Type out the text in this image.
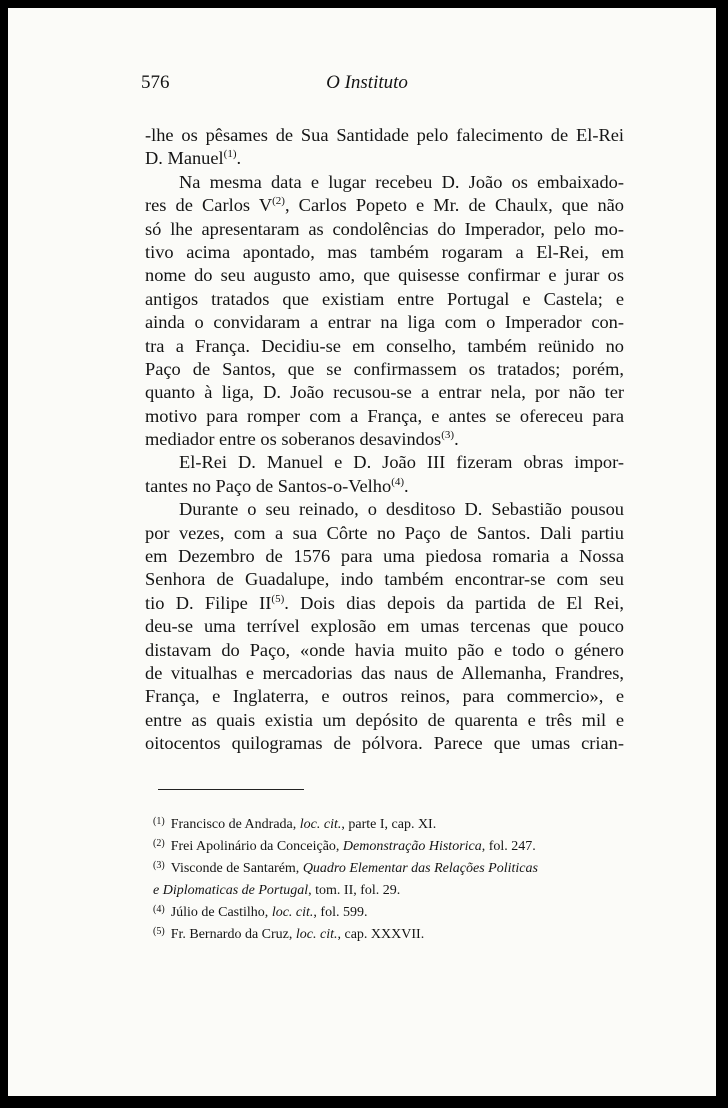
576	O Instituto
-lhe os pêsames de Sua Santidade pelo falecimento de El-Rei
D. Manuel$^{(1)}$.
Na mesma data e lugar recebeu D. João os embaixado-
res de Carlos $V^{(2)}$, Carlos Popeto e Mr. de Chaulx, que não
só lhe apresentaram as condolências do Imperador, pelo mo-
tivo acima apontado, mas também rogaram a El-Rei, em
nome do seu augusto amo, que quisesse confirmar e jurar os
antigos tratados que existiam entre Portugal e Castela; e
ainda o convidaram a entrar na liga com o Imperador con-
tra a França. Decidiu-se em conselho, também reünido no
Paço de Santos, que se confirmassem os tratados; porém,
quanto à liga, D. João recusou-se a entrar nela, por não ter
motivo para romper com a França, e antes se ofereceu para
mediador entre os soberanos desavindos$^{(3)}$.
El-Rei D. Manuel e D. João III fizeram obras impor-
tantes no Paço de Santos-o-Velho$^{(4)}$.
Durante o seu reinado, o desditoso D. Sebastião pousou
por vezes, com a sua Côrte no Paço de Santos. Dali partiu
em Dezembro de 1576 para uma piedosa romaria a Nossa
Senhora de Guadalupe, indo também encontrar-se com seu
tio D. Filipe II$^{(5)}$. Dois dias depois da partida de El Rei,
deu-se uma terrível explosão em umas tercenas que pouco
distavam do Paço, «onde havia muito pão e todo o género
de vitualhas e mercadorias das naus de Allemanha, Frandres,
França, e Inglaterra, e outros reinos, para commercio», e
entre as quais existia um depósito de quarenta e três mil e
oitocentos quilogramas de pólvora. Parece que umas crian-
$^{(1)}$ Francisco de Andrada, loc. cit., parte I, cap. XI.
$^{(2)}$ Frei Apolinário da Conceição, Demonstração Historica, fol. 247.
$^{(3)}$ Visconde de Santarém, Quadro Elementar das Relações Politicas
e Diplomaticas de Portugal, tom. II, fol. 29.
$^{(4)}$ Júlio de Castilho, loc. cit., fol. 599.
$^{(5)}$ Fr. Bernardo da Cruz, loc. cit., cap. XXXVII.
